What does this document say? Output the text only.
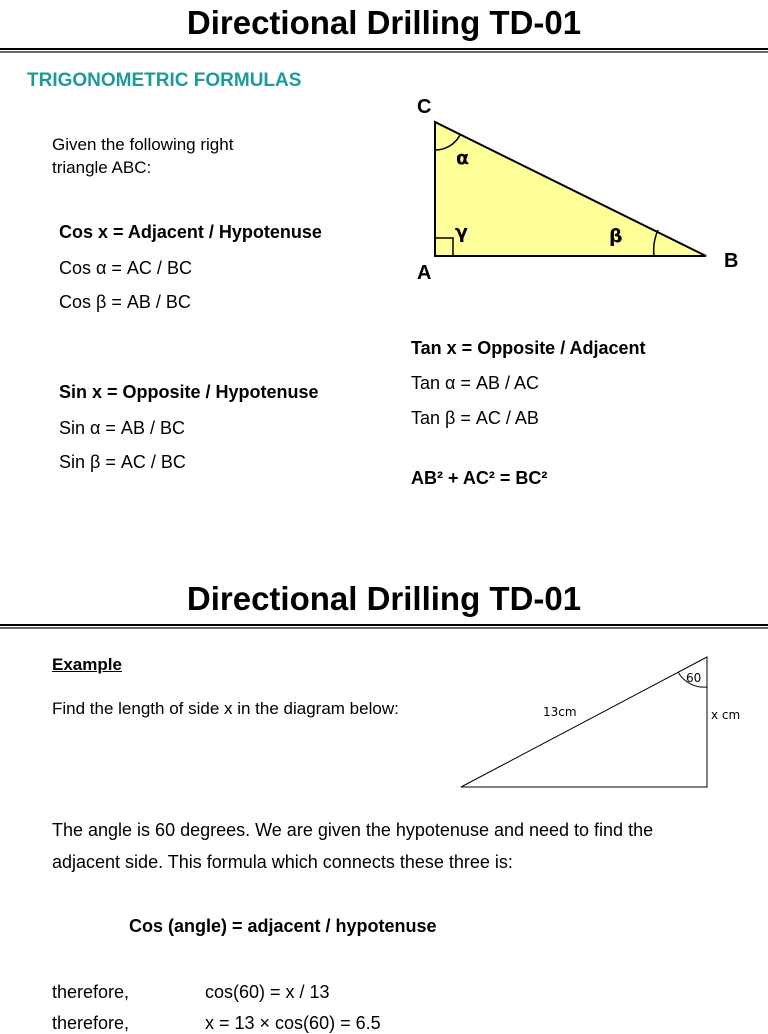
Directional Drilling TD-01
TRIGONOMETRIC FORMULAS
Given the following right triangle ABC:
Cos x = Adjacent / Hypotenuse
Cos α = AC / BC
Cos β = AB / BC
Sin x = Opposite / Hypotenuse
Sin α = AB / BC
Sin β = AC / BC
Tan x = Opposite / Adjacent
Tan α = AB / AC
Tan β = AC / AB
AB² + AC² = BC²
C
A
B
α
β
γ
Directional Drilling TD-01
Example
Find the length of side x in the diagram below:
60
13cm	x cm
The angle is 60 degrees. We are given the hypotenuse and need to find the adjacent side. This formula which connects these three is:
Cos (angle) = adjacent / hypotenuse
therefore,	cos(60) = x / 13
therefore,	x = 13 × cos(60) = 6.5
